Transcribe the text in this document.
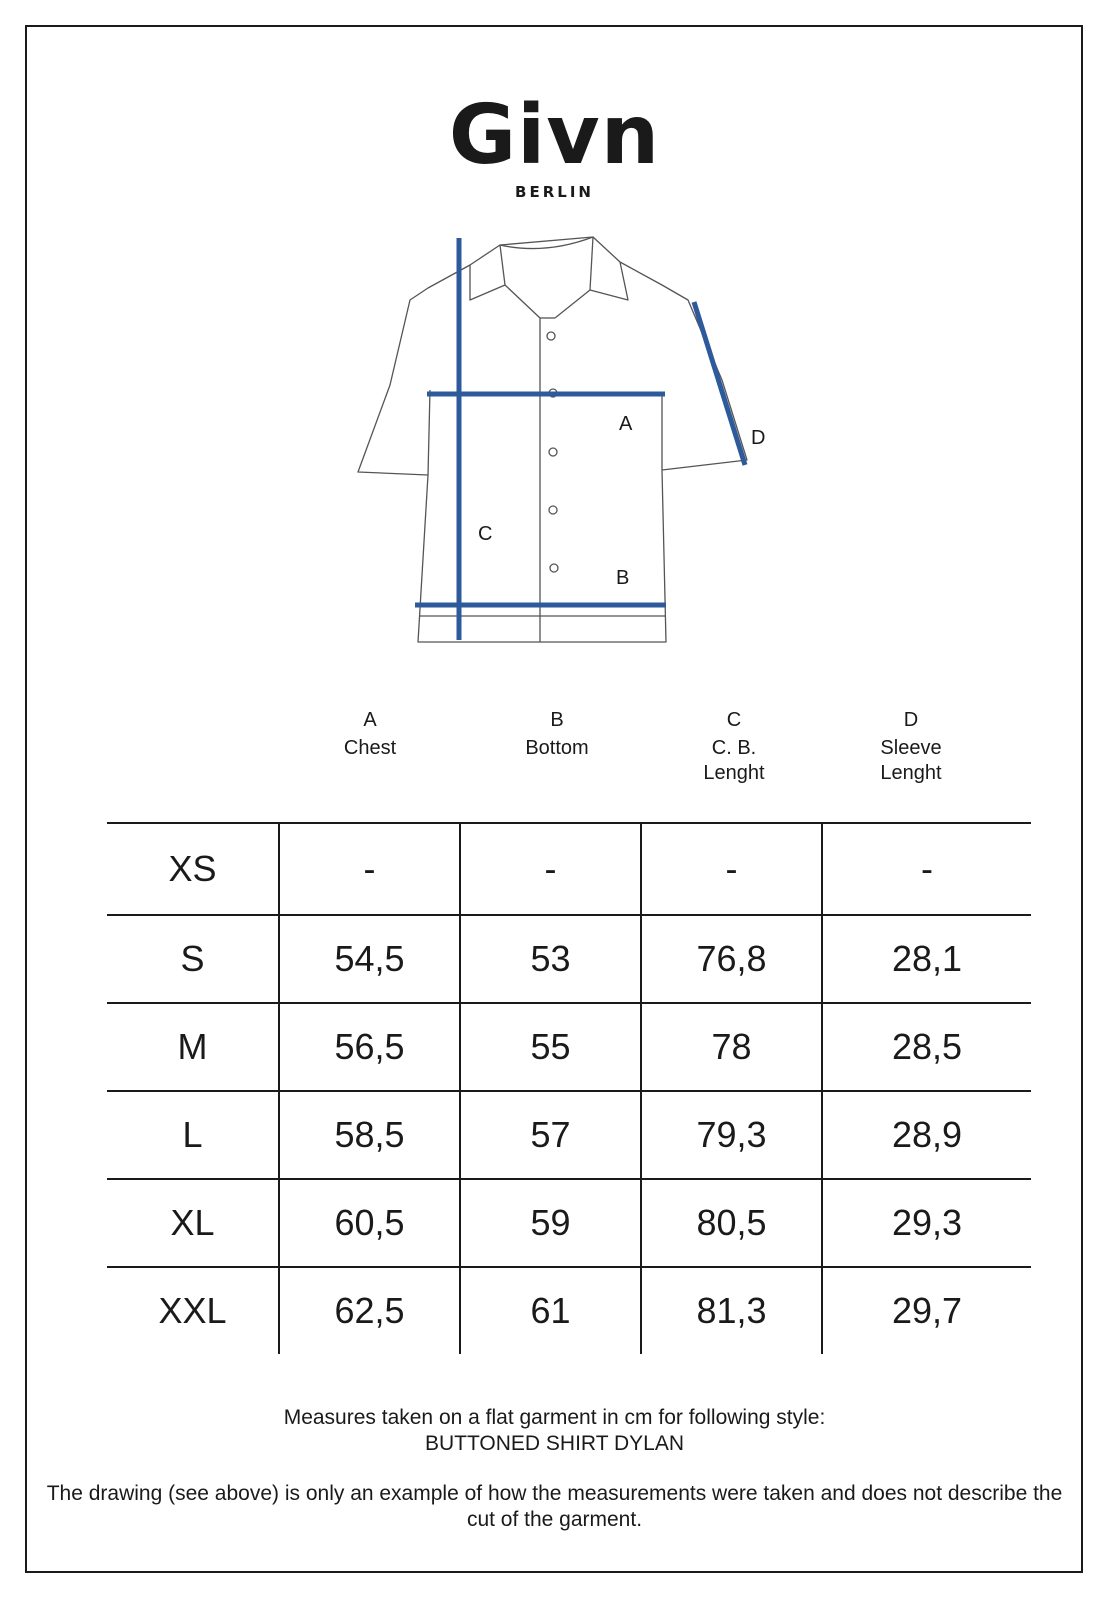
Givn
BERLIN
A
B
C
D
A
Chest
B
Bottom
C
C. B.
Lenght
D
Sleeve
Lenght
XS	-	-	-	-
S	54,5	53	76,8	28,1
M	56,5	55	78	28,5
L	58,5	57	79,3	28,9
XL	60,5	59	80,5	29,3
XXL	62,5	61	81,3	29,7
Measures taken on a flat garment in cm for following style:
BUTTONED SHIRT DYLAN
The drawing (see above) is only an example of how the measurements were taken and does not describe the cut of the garment.
